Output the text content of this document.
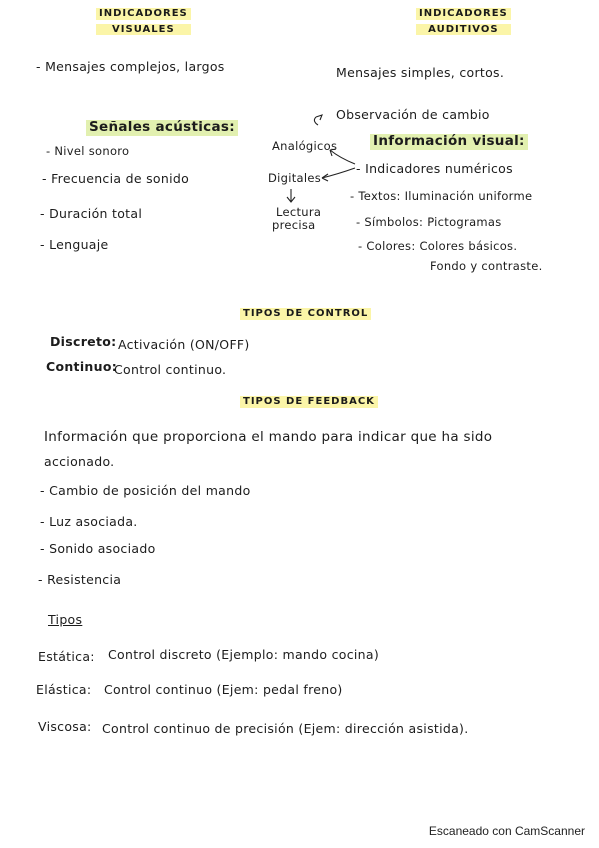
INDICADORES
VISUALES
INDICADORES
AUDITIVOS
- Mensajes complejos, largos
Señales acústicas:
- Nivel sonoro
- Frecuencia de sonido
- Duración total
- Lenguaje
Mensajes simples, cortos.
Observación de cambio
Analógicos	Información visual:
- Indicadores numéricos
Digitales
Lectura
precisa
- Textos: Iluminación uniforme
- Símbolos: Pictogramas
- Colores: Colores básicos.
Fondo y contraste.
TIPOS DE CONTROL
Discreto: Activación (ON/OFF)
Continuo:
Control continuo.
TIPOS DE FEEDBACK
Información que proporciona el mando para indicar que ha sido
accionado.
- Cambio de posición del mando
- Luz asociada.
- Sonido asociado
- Resistencia
Tipos
Estática: Control discreto (Ejemplo: mando cocina)
Elástica: Control continuo (Ejem: pedal freno)
Viscosa: Control continuo de precisión (Ejem: dirección asistida).
Escaneado con CamScanner
